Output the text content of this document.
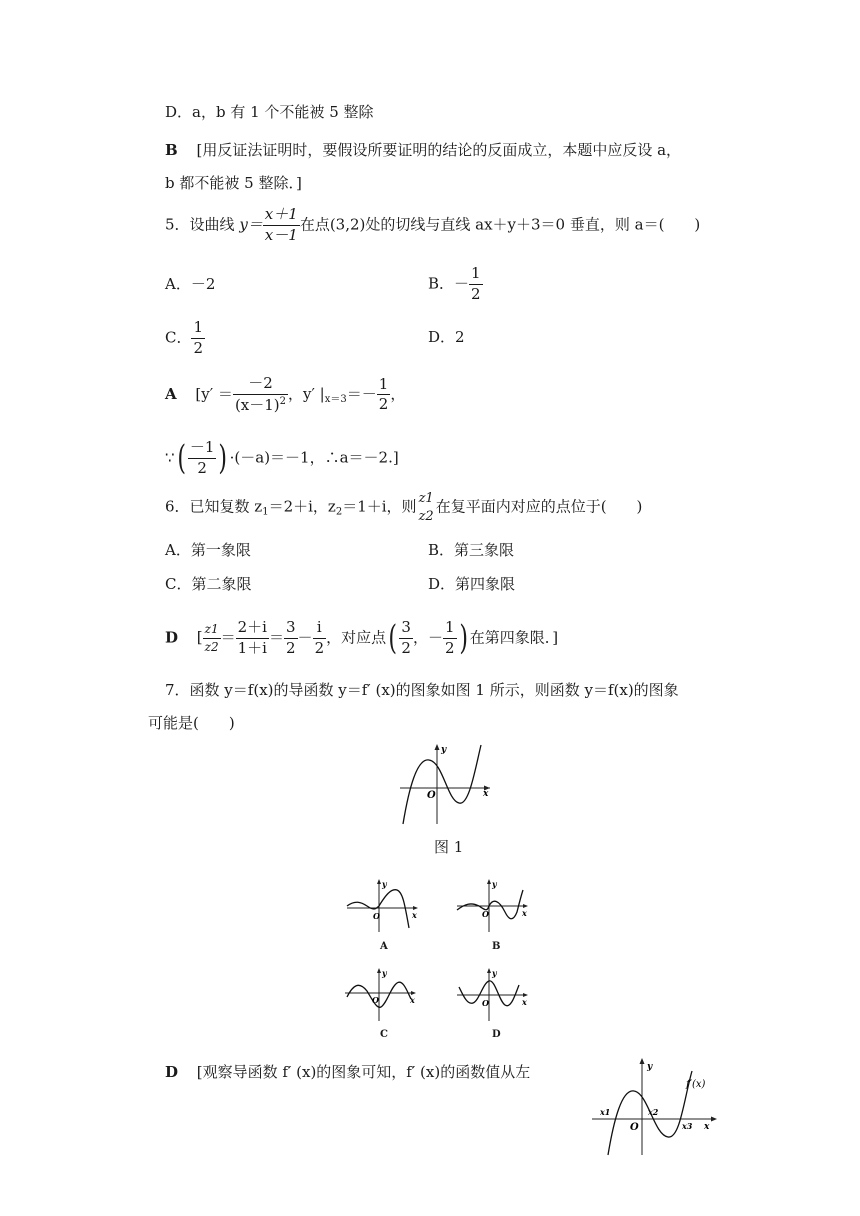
D．a，b 有 1 个不能被 5 整除
B [用反证法证明时，要假设所要证明的结论的反面成立，本题中应反设 a，
b 都不能被 5 整除．]
5．设曲线 $y= \frac{x+1}{x-1}$ 在点(3,2)处的切线与直线 ax＋y＋3＝0 垂直，则 a＝(　　)
A．－2	B．－ $\frac{1}{2}$
C． $\frac{1}{2}$	D．2
A [$y' = \frac{-2}{(x-1)^2}$ ，y′ $|_{x=3}=- \frac{1}{2}$ ，
∵( $\frac{-1}{2}$ ) ·(－a)＝－1，∴a＝－2.]
6．已知复数 $z_1=2+i$，$z_2=1+i$，则 z1
z2
在复平面内对应的点位于(　　)
A．第一象限	B．第三象限
C．第二象限	D．第四象限
D [ $\frac{z1}{z2} = \frac{2+i}{1+i} = \frac{3}{2} - \frac{i}{2}$ ，对应点( $\frac{3}{2}$ ，－ $\frac{1}{2}$ ) 在第四象限．]
7．函数 y＝f(x)的导函数 y＝f′ (x)的图象如图 1 所示，则函数 y＝f(x)的图象
可能是(　　)
y
x
O
图 1
y
x
O
A
y
x
O
B
y
x
O
C
y
x
O
D
D [观察导函数 f′ (x)的图象可知，f′ (x)的函数值从左	y
x
O
f′(x)
x1	x2
x3
